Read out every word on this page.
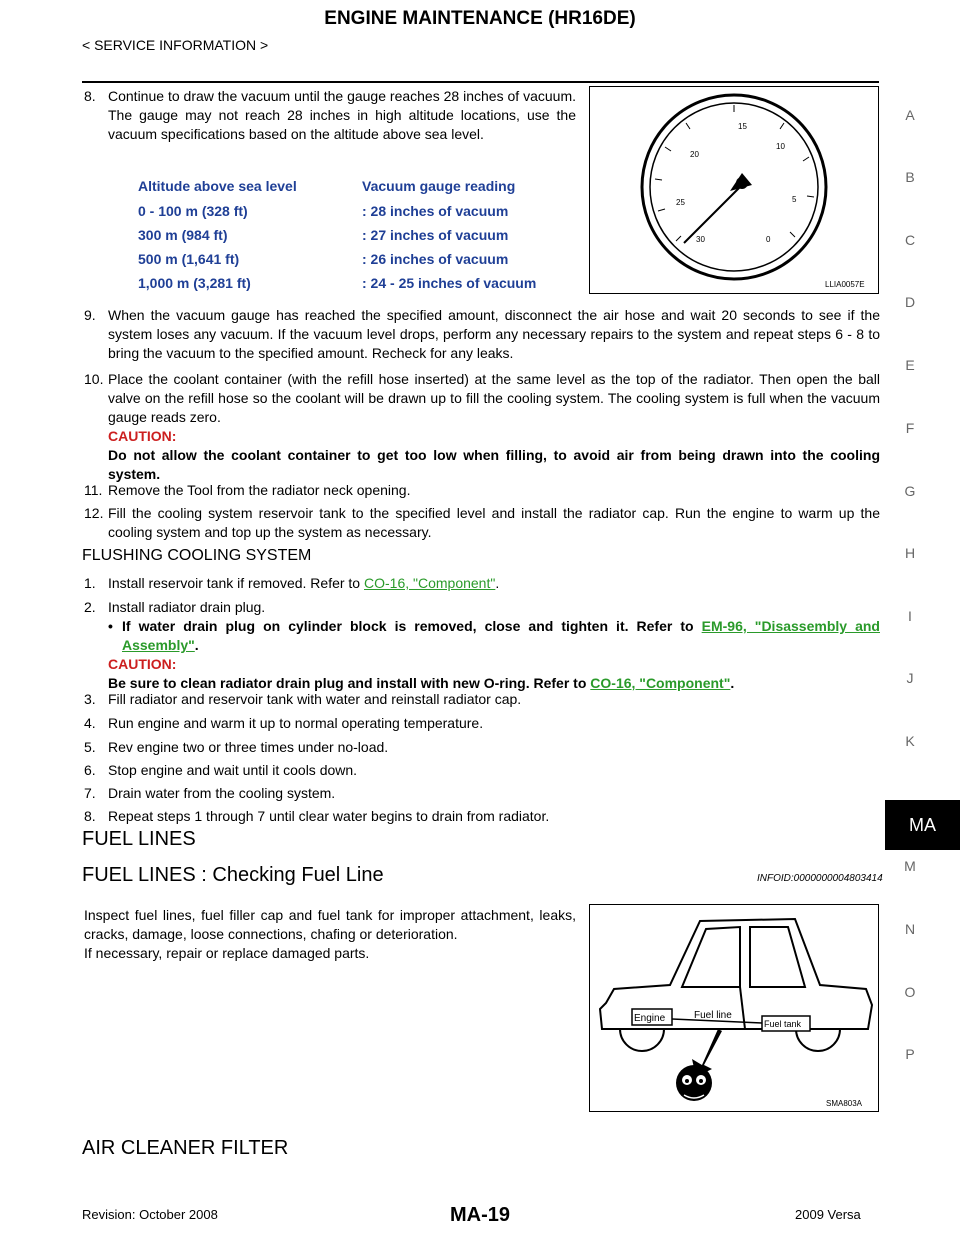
ENGINE MAINTENANCE (HR16DE)
< SERVICE INFORMATION >
A
B
C
D
E
F
G
H
I
J
K
MA
M
N
O
P
8. Continue to draw the vacuum until the gauge reaches 28 inches of vacuum. The gauge may not reach 28 inches in high altitude locations, use the vacuum specifications based on the altitude above sea level.
Altitude above sea level	Vacuum gauge reading
0 - 100 m (328 ft)	: 28 inches of vacuum
300 m (984 ft)	: 27 inches of vacuum
500 m (1,641 ft)	: 26 inches of vacuum
1,000 m (3,281 ft)	: 24 - 25 inches of vacuum
15
10
20
5
25
30	0
LLIA0057E
9. When the vacuum gauge has reached the specified amount, disconnect the air hose and wait 20 seconds to see if the system loses any vacuum. If the vacuum level drops, perform any necessary repairs to the system and repeat steps 6 - 8 to bring the vacuum to the specified amount. Recheck for any leaks.
10. Place the coolant container (with the refill hose inserted) at the same level as the top of the radiator. Then open the ball valve on the refill hose so the coolant will be drawn up to fill the cooling system. The cooling system is full when the vacuum gauge reads zero.
CAUTION:
Do not allow the coolant container to get too low when filling, to avoid air from being drawn into the cooling system.
11. Remove the Tool from the radiator neck opening.
12. Fill the cooling system reservoir tank to the specified level and install the radiator cap. Run the engine to warm up the cooling system and top up the system as necessary.
FLUSHING COOLING SYSTEM
1. Install reservoir tank if removed. Refer to CO-16, "Component".
2. Install radiator drain plug.
• If water drain plug on cylinder block is removed, close and tighten it. Refer to EM-96, "Disassembly and Assembly".
CAUTION:
Be sure to clean radiator drain plug and install with new O-ring. Refer to CO-16, "Component".
3. Fill radiator and reservoir tank with water and reinstall radiator cap.
4. Run engine and warm it up to normal operating temperature.
5. Rev engine two or three times under no-load.
6. Stop engine and wait until it cools down.
7. Drain water from the cooling system.
8. Repeat steps 1 through 7 until clear water begins to drain from radiator.
FUEL LINES
FUEL LINES : Checking Fuel Line	INFOID:0000000004803414
Inspect fuel lines, fuel filler cap and fuel tank for improper attachment, leaks, cracks, damage, loose connections, chafing or deterioration.
If necessary, repair or replace damaged parts.
Engine	Fuel line
Fuel tank
SMA803A
AIR CLEANER FILTER
Revision: October 2008	MA-19	2009 Versa
